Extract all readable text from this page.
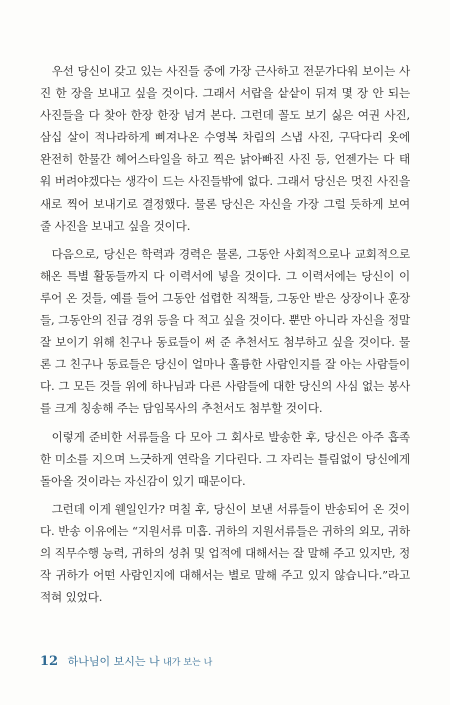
우선 당신이 갖고 있는 사진들 중에 가장 근사하고 전문가다워 보이는 사진 한 장을 보내고 싶을 것이다. 그래서 서랍을 샅샅이 뒤져 몇 장 안 되는 사진들을 다 찾아 한장 한장 넘겨 본다. 그런데 꼴도 보기 싫은 여권 사진, 삼십 살이 적나라하게 삐져나온 수영복 차림의 스냅 사진, 구닥다리 옷에 완전히 한물간 헤어스타일을 하고 찍은 낡아빠진 사진 등, 언젠가는 다 태워 버려야겠다는 생각이 드는 사진들밖에 없다. 그래서 당신은 멋진 사진을 새로 찍어 보내기로 결정했다. 물론 당신은 자신을 가장 그럴 듯하게 보여 줄 사진을 보내고 싶을 것이다.

다음으로, 당신은 학력과 경력은 물론, 그동안 사회적으로나 교회적으로 해온 특별 활동들까지 다 이력서에 넣을 것이다. 그 이력서에는 당신이 이루어 온 것들, 예를 들어 그동안 섭렵한 직책들, 그동안 받은 상장이나 훈장들, 그동안의 진급 경위 등을 다 적고 싶을 것이다. 뿐만 아니라 자신을 정말 잘 보이기 위해 친구나 동료들이 써 준 추천서도 첨부하고 싶을 것이다. 물론 그 친구나 동료들은 당신이 얼마나 훌륭한 사람인지를 잘 아는 사람들이다. 그 모든 것들 위에 하나님과 다른 사람들에 대한 당신의 사심 없는 봉사를 크게 칭송해 주는 담임목사의 추천서도 첨부할 것이다.

이렇게 준비한 서류들을 다 모아 그 회사로 발송한 후, 당신은 아주 흡족한 미소를 지으며 느긋하게 연락을 기다린다. 그 자리는 틀림없이 당신에게 돌아올 것이라는 자신감이 있기 때문이다.

그런데 이게 웬일인가? 며칠 후, 당신이 보낸 서류들이 반송되어 온 것이다. 반송 이유에는 “지원서류 미흡. 귀하의 지원서류들은 귀하의 외모, 귀하의 직무수행 능력, 귀하의 성취 및 업적에 대해서는 잘 말해 주고 있지만, 정작 귀하가 어떤 사람인지에 대해서는 별로 말해 주고 있지 않습니다.”라고 적혀 있었다.

12 하나님이 보시는 나 내가 보는 나
